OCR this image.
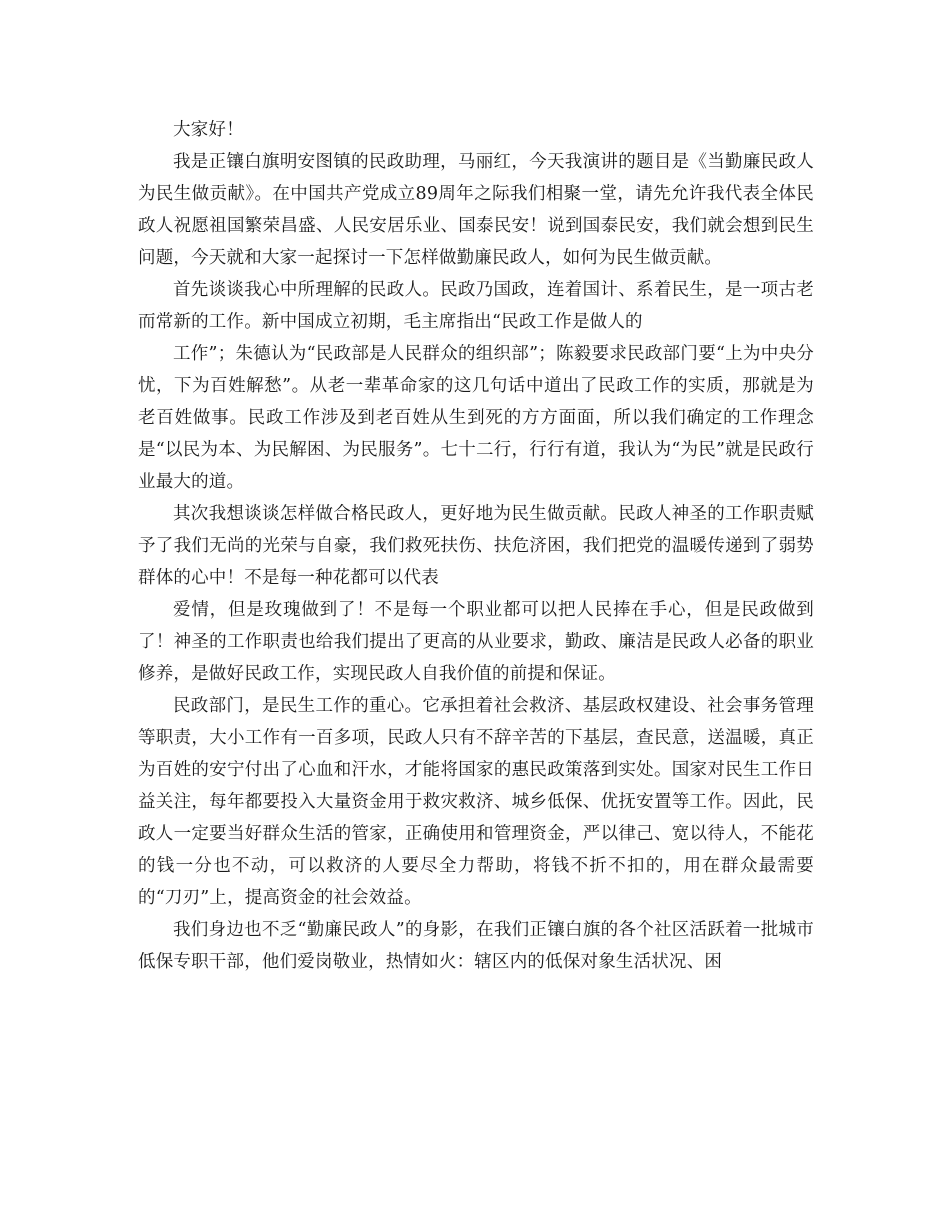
大家好！

我是正镶白旗明安图镇的民政助理，马丽红，今天我演讲的题目是《当勤廉民政人 为民生做贡献》。在中国共产党成立89周年之际我们相聚一堂，请先允许我代表全体民政人祝愿祖国繁荣昌盛、人民安居乐业、国泰民安！说到国泰民安，我们就会想到民生问题，今天就和大家一起探讨一下怎样做勤廉民政人，如何为民生做贡献。

首先谈谈我心中所理解的民政人。民政乃国政，连着国计、系着民生，是一项古老而常新的工作。新中国成立初期，毛主席指出“民政工作是做人的

工作”；朱德认为“民政部是人民群众的组织部”；陈毅要求民政部门要“上为中央分忧，下为百姓解愁”。从老一辈革命家的这几句话中道出了民政工作的实质，那就是为老百姓做事。民政工作涉及到老百姓从生到死的方方面面，所以我们确定的工作理念是“以民为本、为民解困、为民服务”。七十二行，行行有道，我认为“为民”就是民政行业最大的道。

其次我想谈谈怎样做合格民政人，更好地为民生做贡献。民政人神圣的工作职责赋予了我们无尚的光荣与自豪，我们救死扶伤、扶危济困，我们把党的温暖传递到了弱势群体的心中！不是每一种花都可以代表

爱情，但是玫瑰做到了！不是每一个职业都可以把人民捧在手心，但是民政做到了！神圣的工作职责也给我们提出了更高的从业要求，勤政、廉洁是民政人必备的职业修养，是做好民政工作，实现民政人自我价值的前提和保证。

民政部门，是民生工作的重心。它承担着社会救济、基层政权建设、社会事务管理等职责，大小工作有一百多项，民政人只有不辞辛苦的下基层，查民意，送温暖，真正为百姓的安宁付出了心血和汗水，才能将国家的惠民政策落到实处。国家对民生工作日益关注，每年都要投入大量资金用于救灾救济、城乡低保、优抚安置等工作。因此，民政人一定要当好群众生活的管家，正确使用和管理资金，严以律己、宽以待人，不能花的钱一分也不动，可以救济的人要尽全力帮助，将钱不折不扣的，用在群众最需要的“刀刃”上，提高资金的社会效益。

我们身边也不乏“勤廉民政人”的身影，在我们正镶白旗的各个社区活跃着一批城市低保专职干部，他们爱岗敬业，热情如火：辖区内的低保对象生活状况、困
